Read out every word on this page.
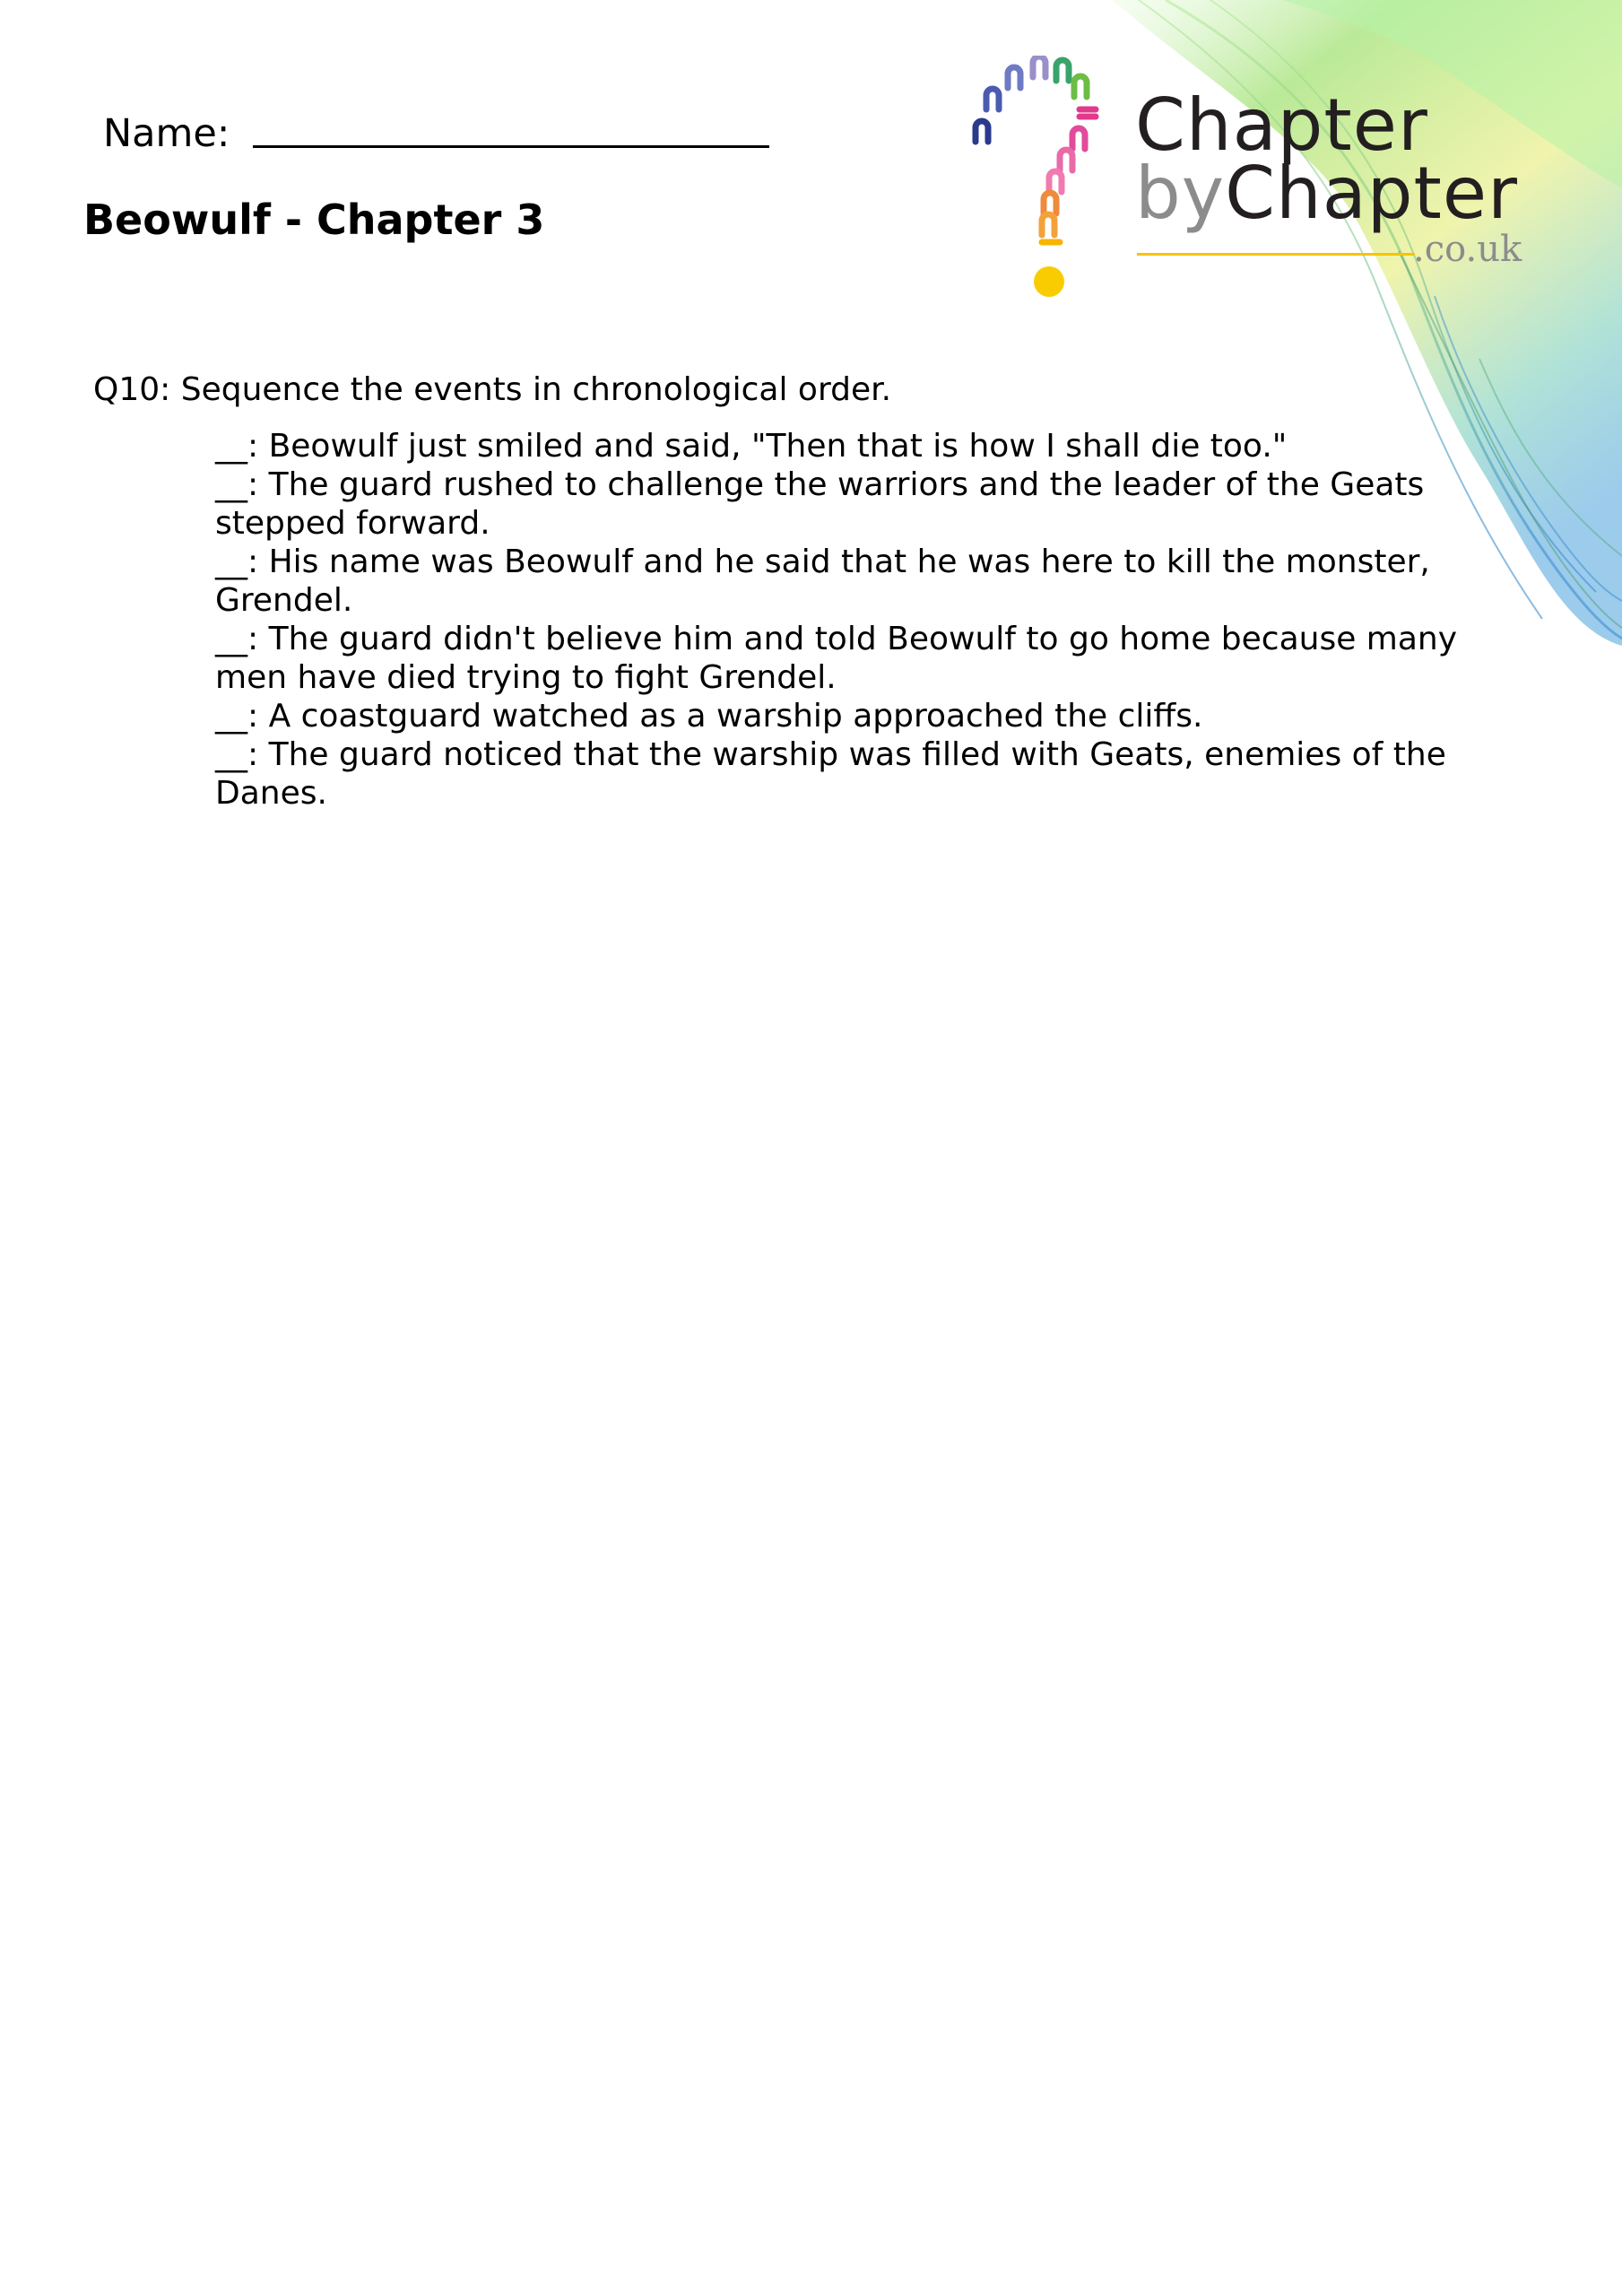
Name:
Beowulf - Chapter 3
Chapter
byChapter
.co.uk
Q10: Sequence the events in chronological order.
__: Beowulf just smiled and said, "Then that is how I shall die too."
__: The guard rushed to challenge the warriors and the leader of the Geats stepped forward.
__: His name was Beowulf and he said that he was here to kill the monster, Grendel.
__: The guard didn't believe him and told Beowulf to go home because many men have died trying to fight Grendel.
__: A coastguard watched as a warship approached the cliffs.
__: The guard noticed that the warship was filled with Geats, enemies of the Danes.
